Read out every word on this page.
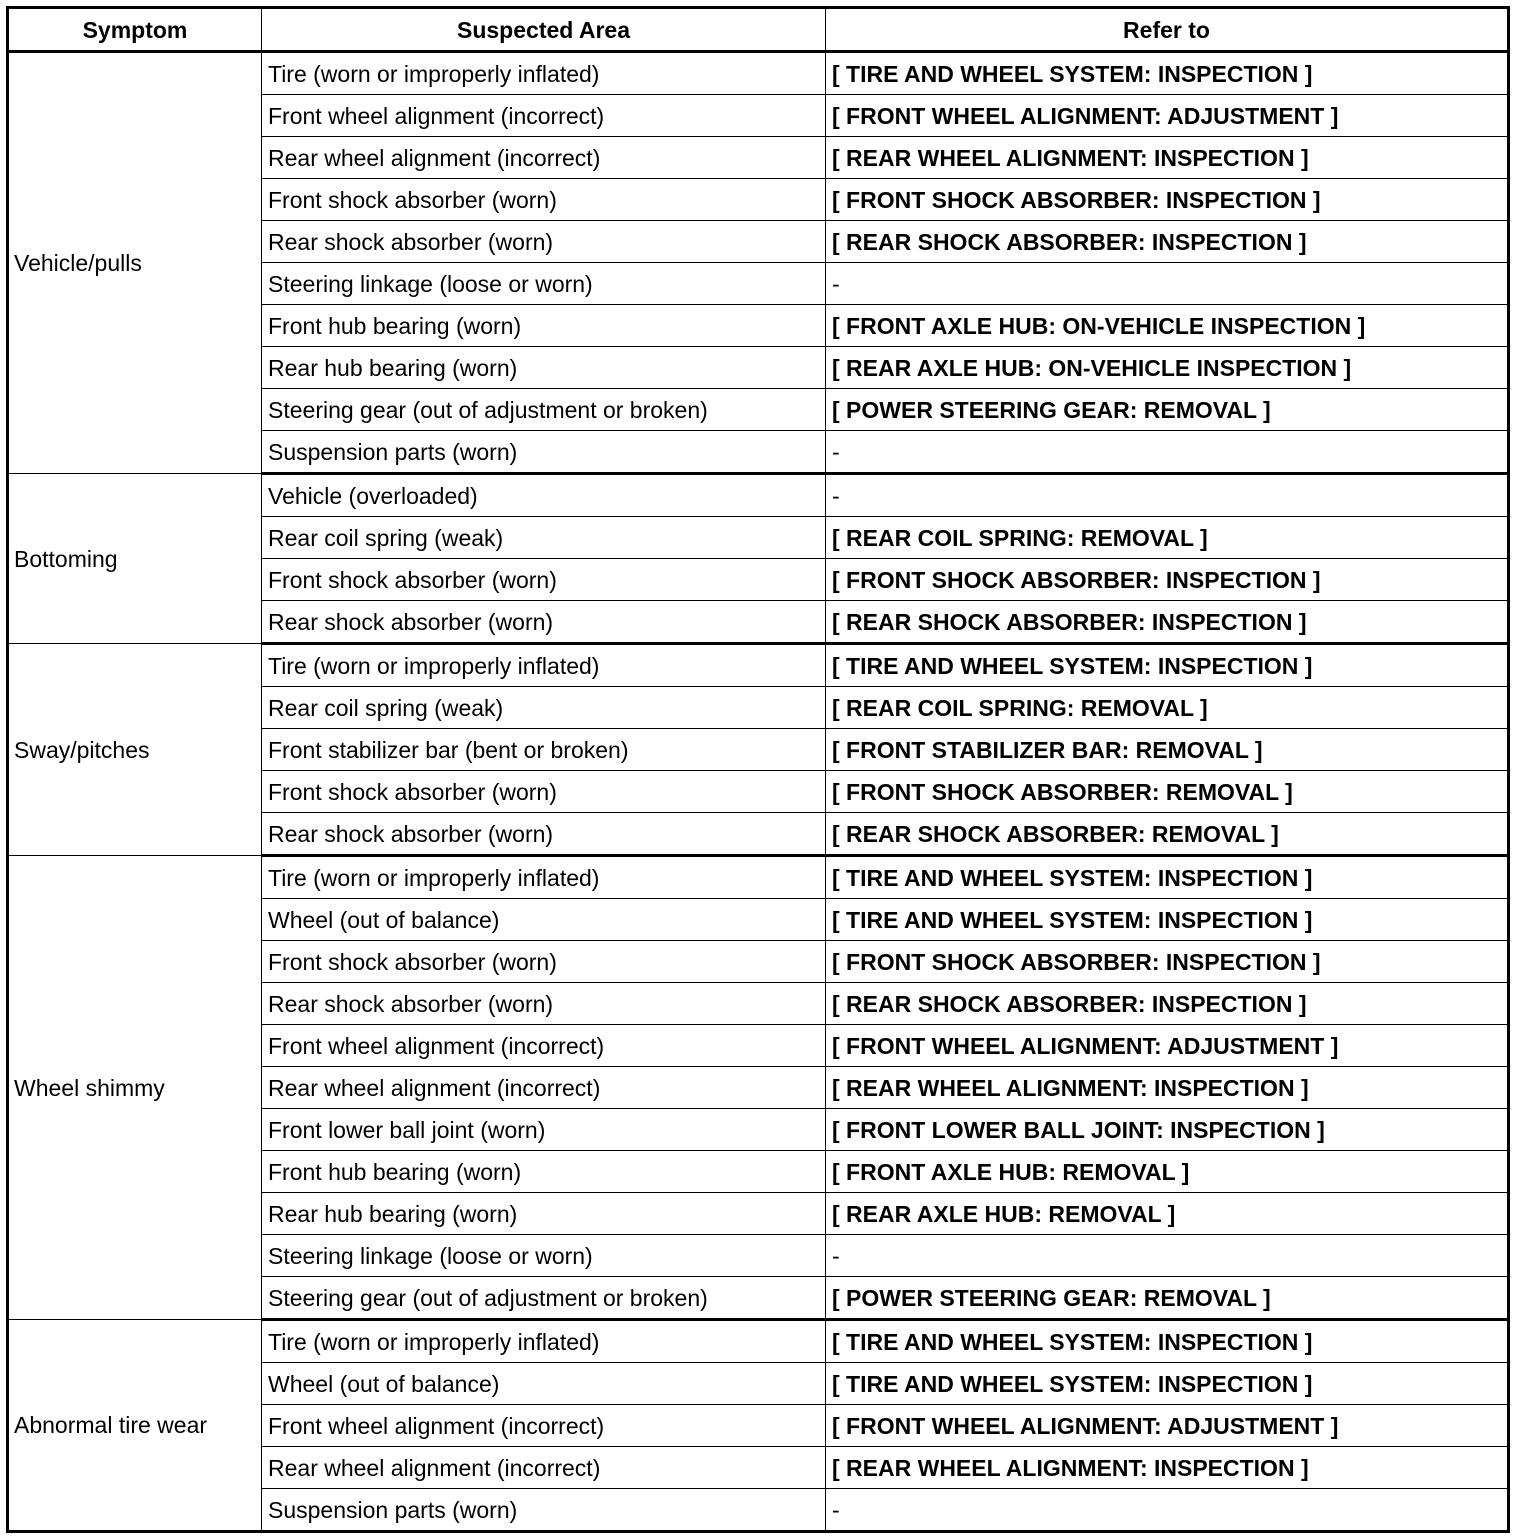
Symptom	Suspected Area	Refer to
Vehicle/pulls	Tire (worn or improperly inflated)	[ TIRE AND WHEEL SYSTEM: INSPECTION ]
	Front wheel alignment (incorrect)	[ FRONT WHEEL ALIGNMENT: ADJUSTMENT ]
	Rear wheel alignment (incorrect)	[ REAR WHEEL ALIGNMENT: INSPECTION ]
	Front shock absorber (worn)	[ FRONT SHOCK ABSORBER: INSPECTION ]
	Rear shock absorber (worn)	[ REAR SHOCK ABSORBER: INSPECTION ]
	Steering linkage (loose or worn)	-
	Front hub bearing (worn)	[ FRONT AXLE HUB: ON-VEHICLE INSPECTION ]
	Rear hub bearing (worn)	[ REAR AXLE HUB: ON-VEHICLE INSPECTION ]
	Steering gear (out of adjustment or broken)	[ POWER STEERING GEAR: REMOVAL ]
	Suspension parts (worn)	-
Bottoming	Vehicle (overloaded)	-
	Rear coil spring (weak)	[ REAR COIL SPRING: REMOVAL ]
	Front shock absorber (worn)	[ FRONT SHOCK ABSORBER: INSPECTION ]
	Rear shock absorber (worn)	[ REAR SHOCK ABSORBER: INSPECTION ]
Sway/pitches	Tire (worn or improperly inflated)	[ TIRE AND WHEEL SYSTEM: INSPECTION ]
	Rear coil spring (weak)	[ REAR COIL SPRING: REMOVAL ]
	Front stabilizer bar (bent or broken)	[ FRONT STABILIZER BAR: REMOVAL ]
	Front shock absorber (worn)	[ FRONT SHOCK ABSORBER: REMOVAL ]
	Rear shock absorber (worn)	[ REAR SHOCK ABSORBER: REMOVAL ]
Wheel shimmy	Tire (worn or improperly inflated)	[ TIRE AND WHEEL SYSTEM: INSPECTION ]
	Wheel (out of balance)	[ TIRE AND WHEEL SYSTEM: INSPECTION ]
	Front shock absorber (worn)	[ FRONT SHOCK ABSORBER: INSPECTION ]
	Rear shock absorber (worn)	[ REAR SHOCK ABSORBER: INSPECTION ]
	Front wheel alignment (incorrect)	[ FRONT WHEEL ALIGNMENT: ADJUSTMENT ]
	Rear wheel alignment (incorrect)	[ REAR WHEEL ALIGNMENT: INSPECTION ]
	Front lower ball joint (worn)	[ FRONT LOWER BALL JOINT: INSPECTION ]
	Front hub bearing (worn)	[ FRONT AXLE HUB: REMOVAL ]
	Rear hub bearing (worn)	[ REAR AXLE HUB: REMOVAL ]
	Steering linkage (loose or worn)	-
	Steering gear (out of adjustment or broken)	[ POWER STEERING GEAR: REMOVAL ]
Abnormal tire wear	Tire (worn or improperly inflated)	[ TIRE AND WHEEL SYSTEM: INSPECTION ]
	Wheel (out of balance)	[ TIRE AND WHEEL SYSTEM: INSPECTION ]
	Front wheel alignment (incorrect)	[ FRONT WHEEL ALIGNMENT: ADJUSTMENT ]
	Rear wheel alignment (incorrect)	[ REAR WHEEL ALIGNMENT: INSPECTION ]
	Suspension parts (worn)	-
